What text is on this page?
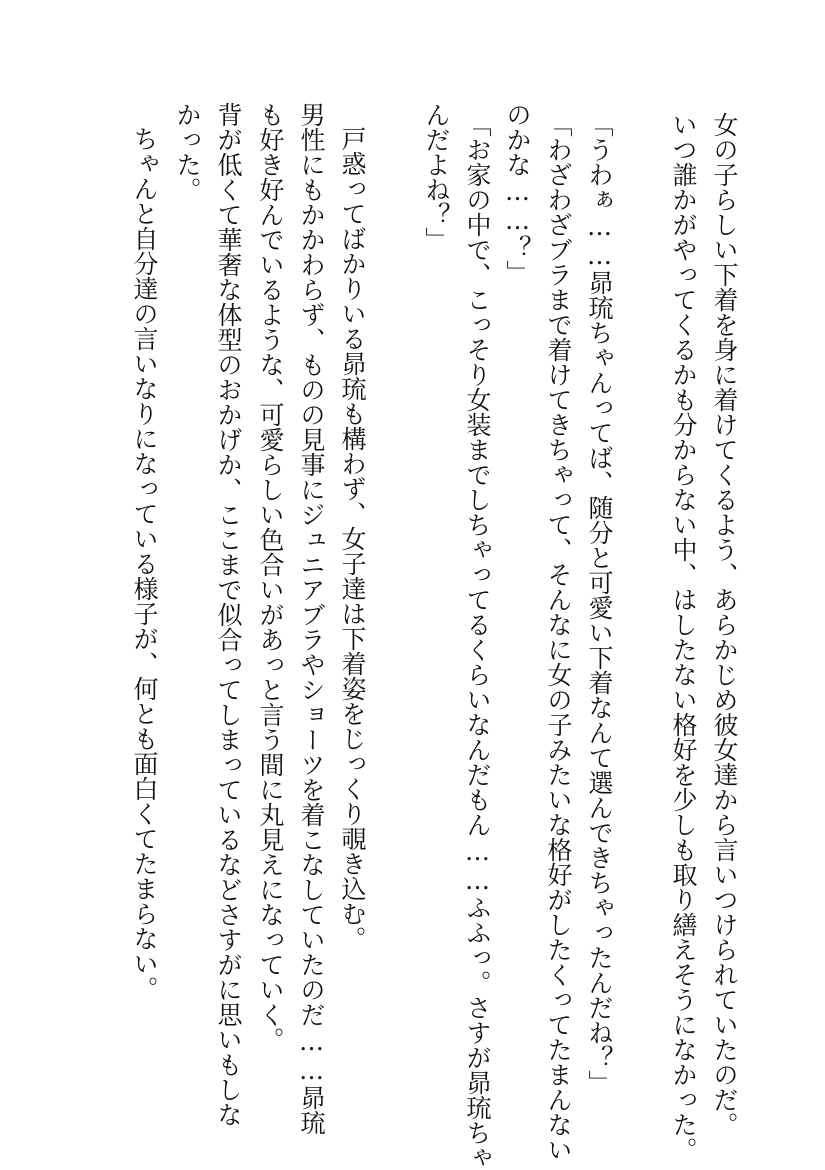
女の子らしい下着を身に着けてくるよう、あらかじめ彼女達から言いつけられていたのだ。

いつ誰かがやってくるかも分からない中、はしたない格好を少しも取り繕えそうになかった。

「うわぁ……昴琉ちゃんってば、随分と可愛い下着なんて選んできちゃったんだね？」

「わざわざブラまで着けてきちゃって、そんなに女の子みたいな格好がしたくってたまんない

のかな……？」

「お家の中で、こっそり女装までしちゃってるくらいなんだもん……ふふっ。さすが昴琉ちゃ

んだよね？」

戸惑ってばかりいる昴琉も構わず、女子達は下着姿をじっくり覗き込む。

男性にもかかわらず、ものの見事にジュニアブラやショーツを着こなしていたのだ……昴琉

も好き好んでいるような、可愛らしい色合いがあっと言う間に丸見えになっていく。

背が低くて華奢な体型のおかげか、ここまで似合ってしまっているなどさすがに思いもしな

かった。

ちゃんと自分達の言いなりになっている様子が、何とも面白くてたまらない。
